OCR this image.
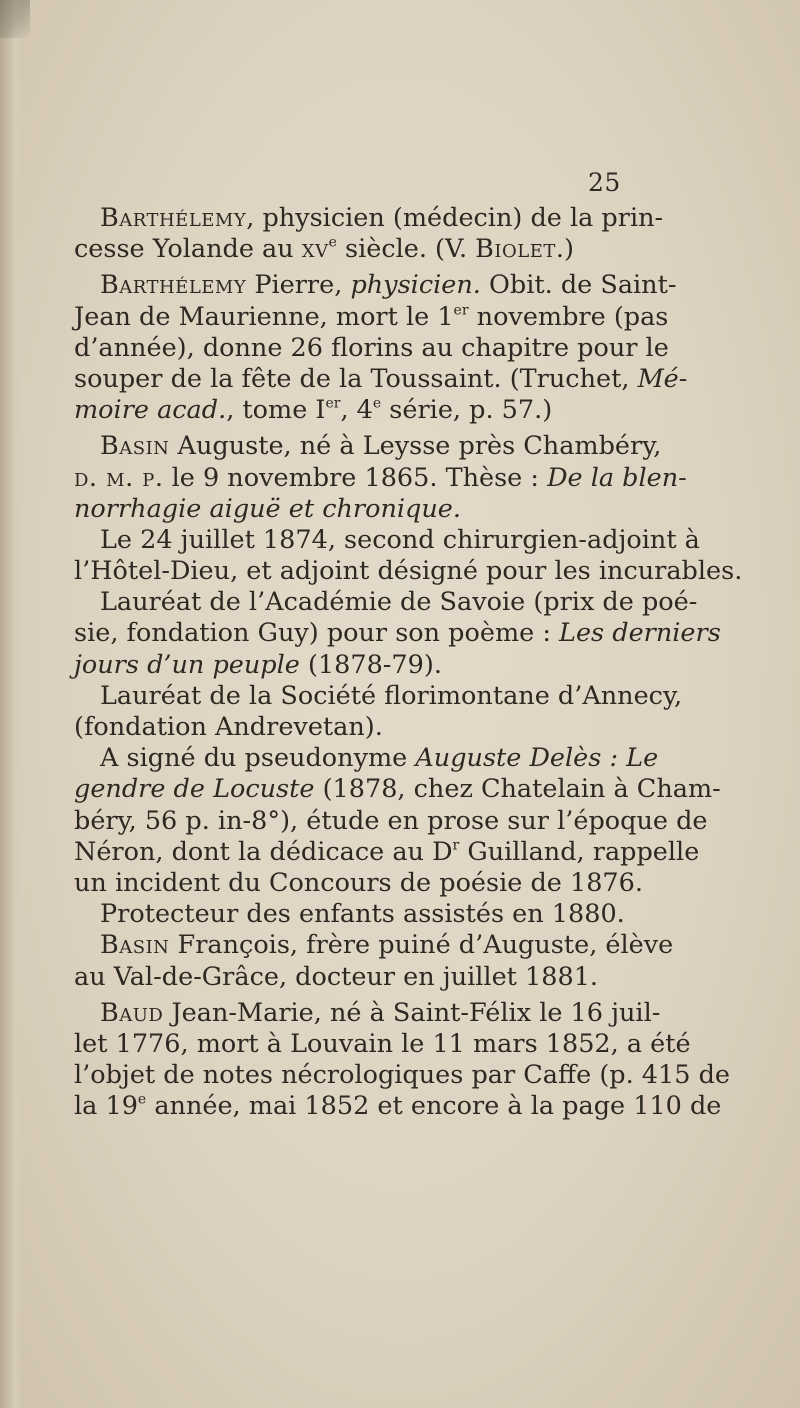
25
Barthélemy, physicien (médecin) de la prin-
cesse Yolande au $xv^e$ siècle. (V. Biolet.)
Barthélemy Pierre, physicien. Obit. de Saint-
Jean de Maurienne, mort le 1er novembre (pas
d’année), donne 26 florins au chapitre pour le
souper de la fête de la Toussaint. (Truchet, Mé-
moire acad., tome Ier, 4e série, p. 57.)
Basin Auguste, né à Leysse près Chambéry,
d. m. p. le 9 novembre 1865. Thèse : De la blen-
norrhagie aiguë et chronique.
Le 24 juillet 1874, second chirurgien-adjoint à
l’Hôtel-Dieu, et adjoint désigné pour les incurables.
Lauréat de l’Académie de Savoie (prix de poé-
sie, fondation Guy) pour son poème : Les derniers
jours d’un peuple (1878-79).
Lauréat de la Société florimontane d’Annecy,
(fondation Andrevetan).
A signé du pseudonyme Auguste Delès : Le
gendre de Locuste (1878, chez Chatelain à Cham-
béry, 56 p. in-8°), étude en prose sur l’époque de
Néron, dont la dédicace au $D^r$ Guilland, rappelle
un incident du Concours de poésie de 1876.
Protecteur des enfants assistés en 1880.
Basin François, frère puiné d’Auguste, élève
au Val-de-Grâce, docteur en juillet 1881.
Baud Jean-Marie, né à Saint-Félix le 16 juil-
let 1776, mort à Louvain le 11 mars 1852, a été
l’objet de notes nécrologiques par Caffe (p. 415 de
la 19e année, mai 1852 et encore à la page 110 de
